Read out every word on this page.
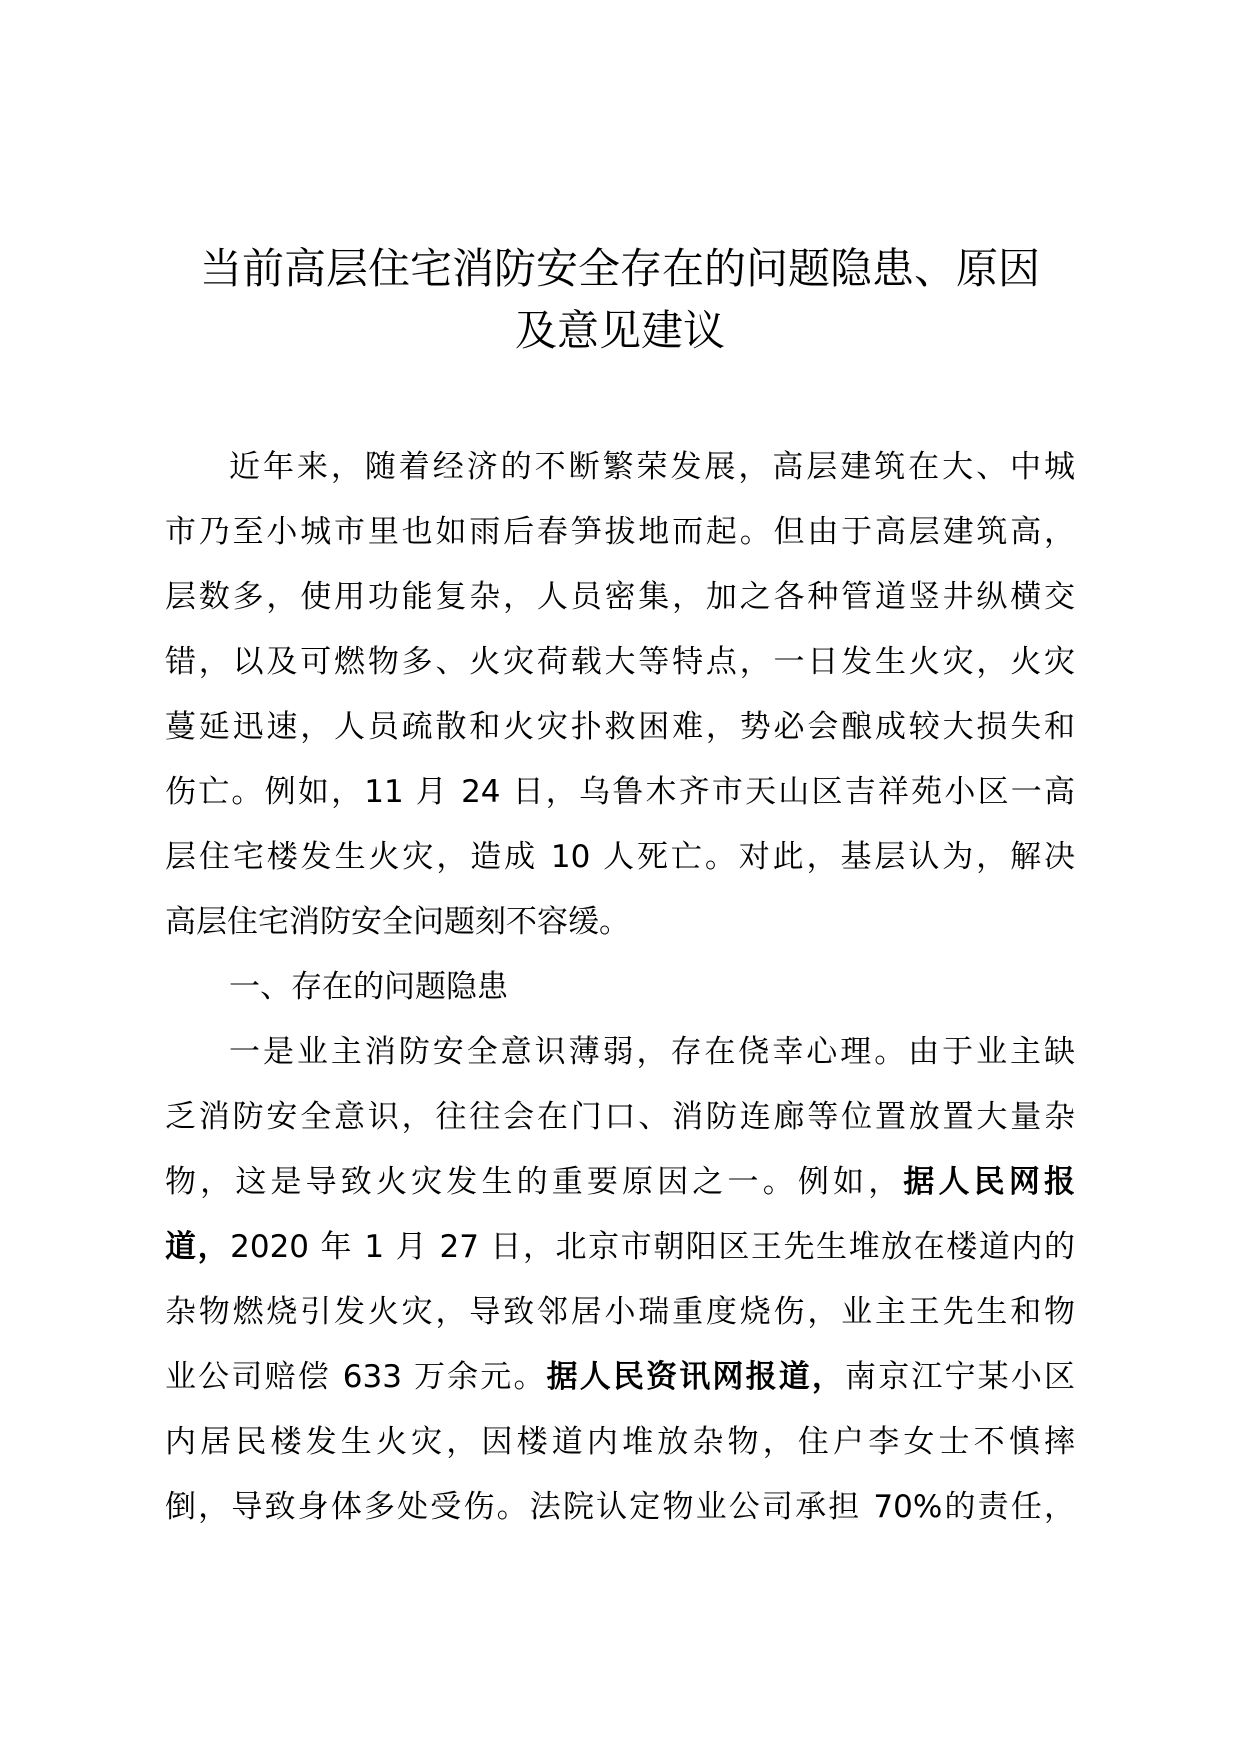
当前高层住宅消防安全存在的问题隐患、原因
及意见建议
近年来，随着经济的不断繁荣发展，高层建筑在大、中城
市乃至小城市里也如雨后春笋拔地而起。但由于高层建筑高，
层数多，使用功能复杂，人员密集，加之各种管道竖井纵横交
错，以及可燃物多、火灾荷载大等特点，一日发生火灾，火灾
蔓延迅速，人员疏散和火灾扑救困难，势必会酿成较大损失和
伤亡。例如，11 月 24 日，乌鲁木齐市天山区吉祥苑小区一高
层住宅楼发生火灾，造成 10 人死亡。对此，基层认为，解决
高层住宅消防安全问题刻不容缓。
一、存在的问题隐患
一是业主消防安全意识薄弱，存在侥幸心理。由于业主缺
乏消防安全意识，往往会在门口、消防连廊等位置放置大量杂
物，这是导致火灾发生的重要原因之一。例如，据人民网报
道，2020 年 1 月 27 日，北京市朝阳区王先生堆放在楼道内的
杂物燃烧引发火灾，导致邻居小瑞重度烧伤，业主王先生和物
业公司赔偿 633 万余元。据人民资讯网报道，南京江宁某小区
内居民楼发生火灾，因楼道内堆放杂物，住户李女士不慎摔
倒，导致身体多处受伤。法院认定物业公司承担 70%的责任，
